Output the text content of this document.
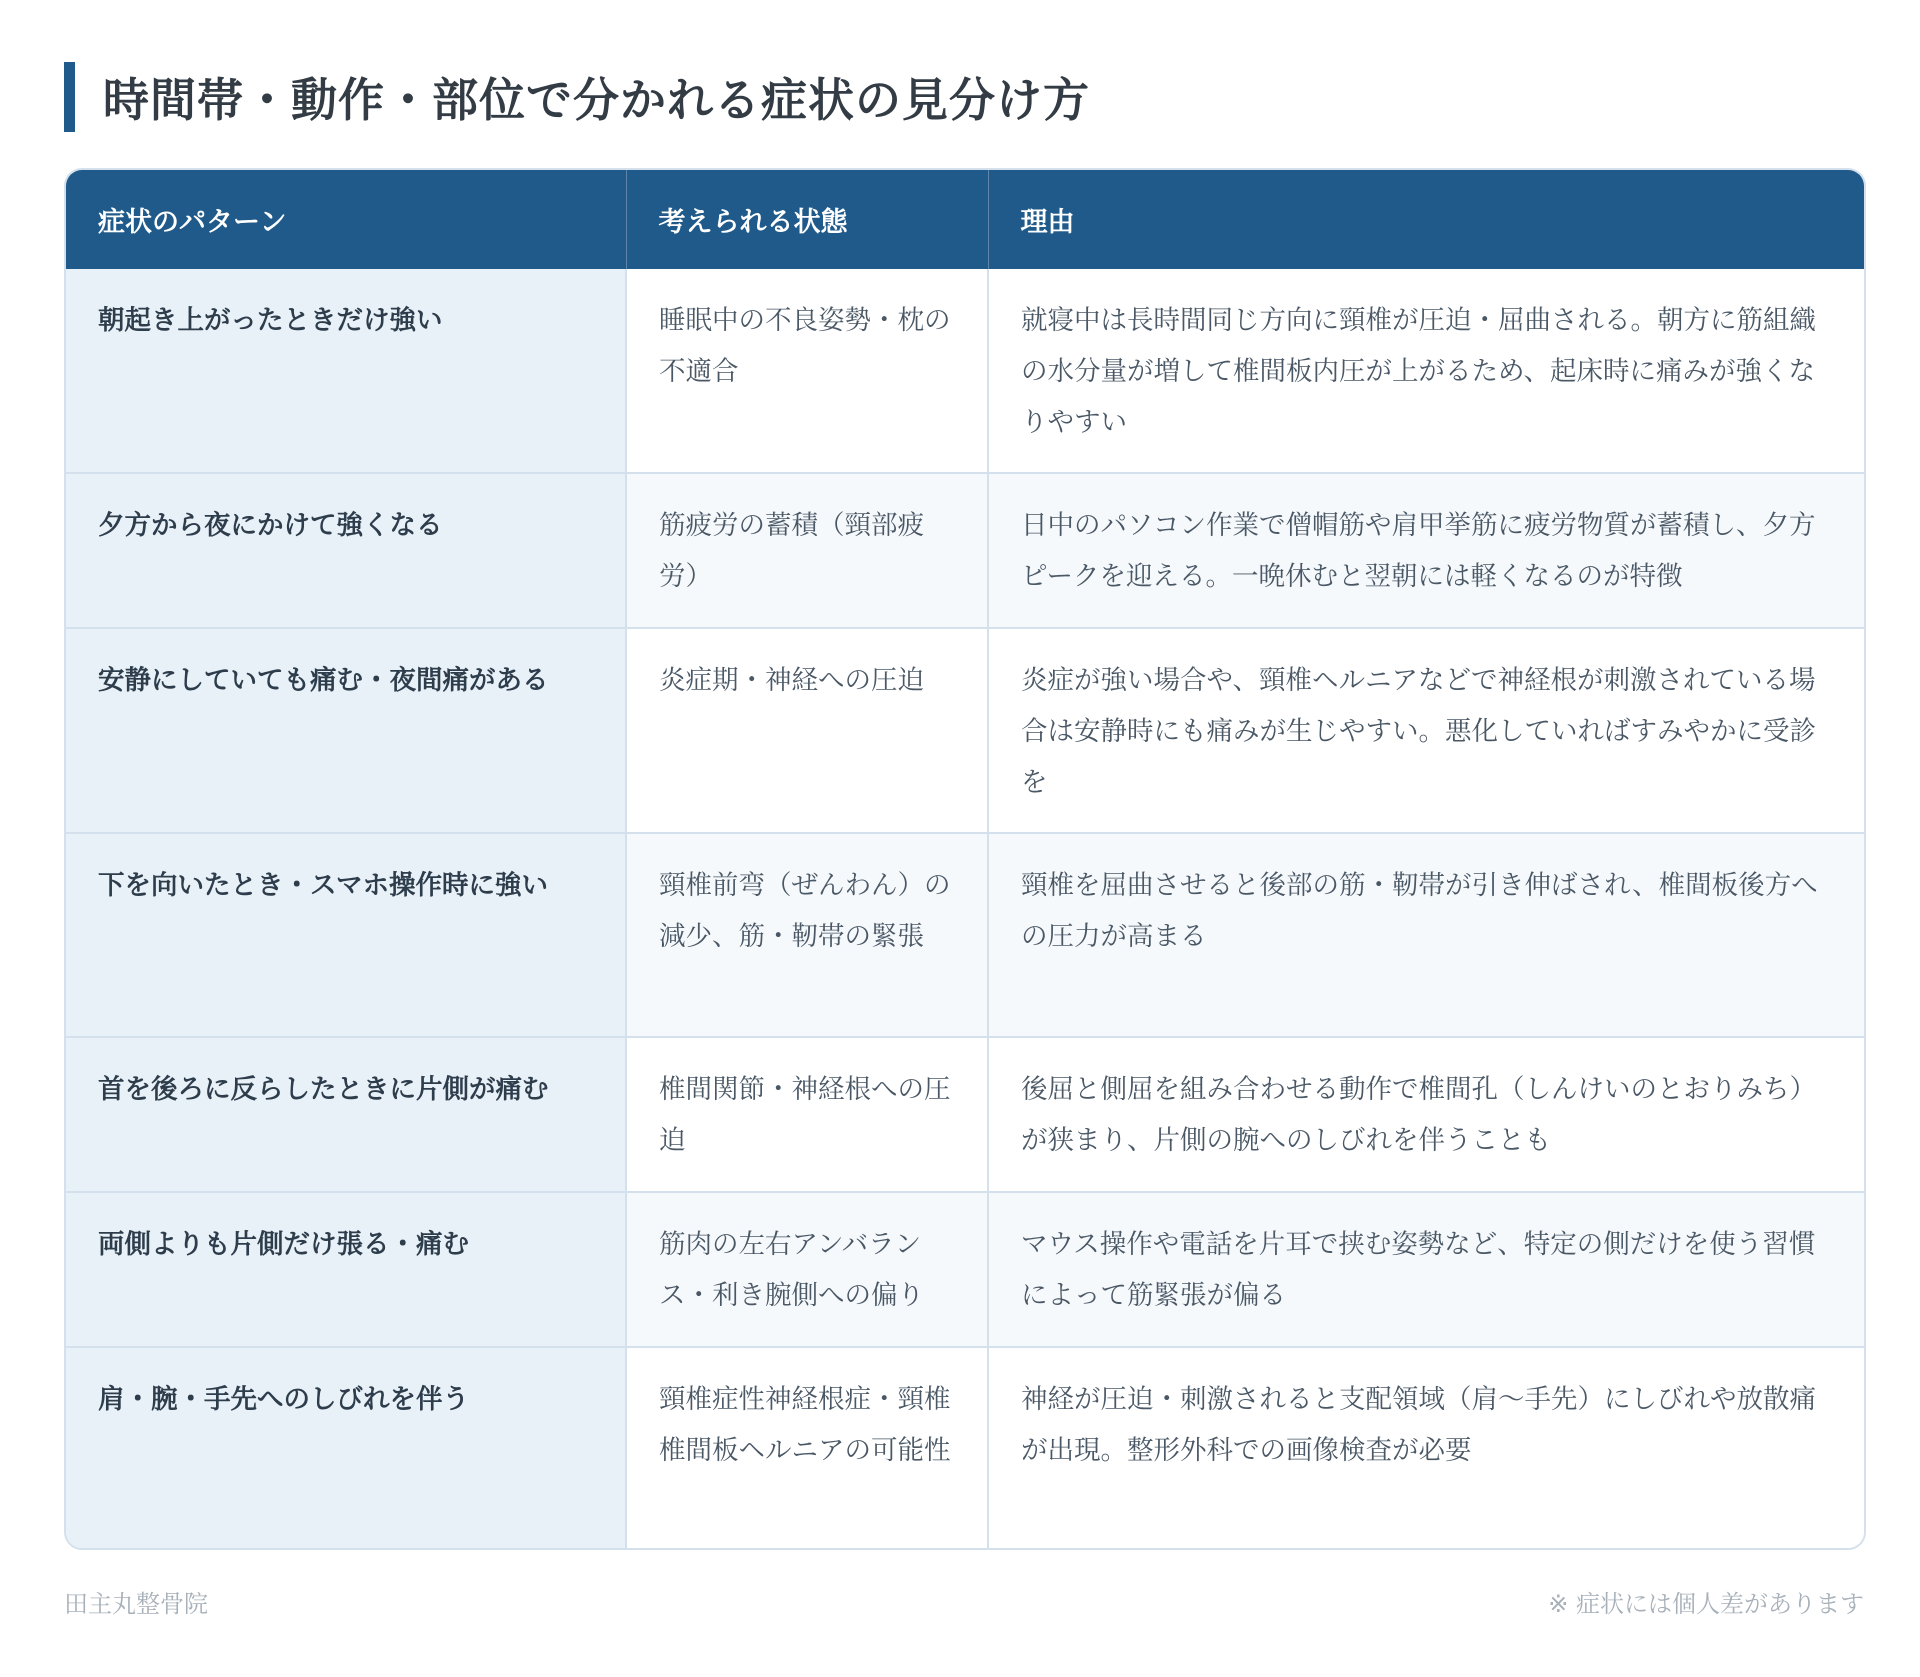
時間帯・動作・部位で分かれる症状の見分け方
症状のパターン	考えられる状態	理由
朝起き上がったときだけ強い	睡眠中の不良姿勢・枕の不適合	就寝中は長時間同じ方向に頸椎が圧迫・屈曲される。朝方に筋組織の水分量が増して椎間板内圧が上がるため、起床時に痛みが強くなりやすい
夕方から夜にかけて強くなる	筋疲労の蓄積（頸部疲労）	日中のパソコン作業で僧帽筋や肩甲挙筋に疲労物質が蓄積し、夕方ピークを迎える。一晩休むと翌朝には軽くなるのが特徴
安静にしていても痛む・夜間痛がある	炎症期・神経への圧迫	炎症が強い場合や、頸椎ヘルニアなどで神経根が刺激されている場合は安静時にも痛みが生じやすい。悪化していればすみやかに受診を
下を向いたとき・スマホ操作時に強い	頸椎前弯（ぜんわん）の減少、筋・靭帯の緊張	頸椎を屈曲させると後部の筋・靭帯が引き伸ばされ、椎間板後方への圧力が高まる
首を後ろに反らしたときに片側が痛む	椎間関節・神経根への圧迫	後屈と側屈を組み合わせる動作で椎間孔（しんけいのとおりみち）が狭まり、片側の腕へのしびれを伴うことも
両側よりも片側だけ張る・痛む	筋肉の左右アンバランス・利き腕側への偏り	マウス操作や電話を片耳で挟む姿勢など、特定の側だけを使う習慣によって筋緊張が偏る
肩・腕・手先へのしびれを伴う	頸椎症性神経根症・頸椎椎間板ヘルニアの可能性	神経が圧迫・刺激されると支配領域（肩〜手先）にしびれや放散痛が出現。整形外科での画像検査が必要
田主丸整骨院	※ 症状には個人差があります
